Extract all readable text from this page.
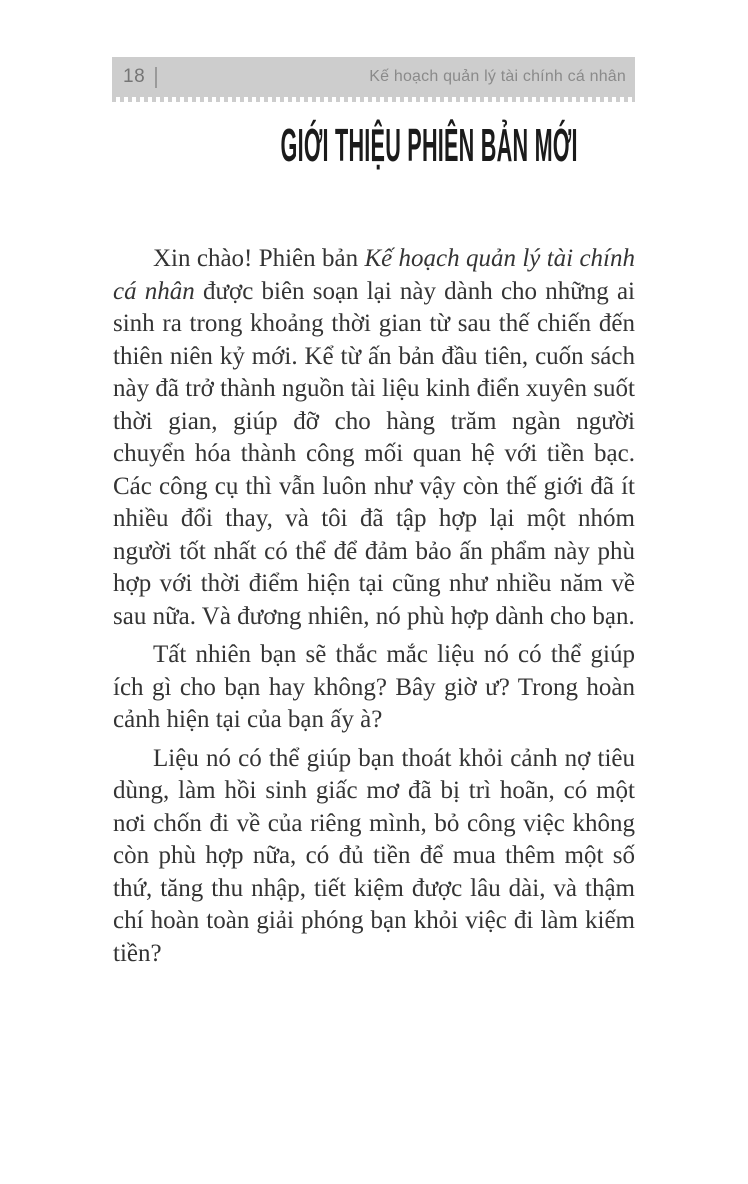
18	Kế hoạch quản lý tài chính cá nhân
GIỚI THIỆU PHIÊN BẢN MỚI

Xin chào! Phiên bản Kế hoạch quản lý tài chính cá nhân được biên soạn lại này dành cho những ai sinh ra trong khoảng thời gian từ sau thế chiến đến thiên niên kỷ mới. Kể từ ấn bản đầu tiên, cuốn sách này đã trở thành nguồn tài liệu kinh điển xuyên suốt thời gian, giúp đỡ cho hàng trăm ngàn người chuyển hóa thành công mối quan hệ với tiền bạc. Các công cụ thì vẫn luôn như vậy còn thế giới đã ít nhiều đổi thay, và tôi đã tập hợp lại một nhóm người tốt nhất có thể để đảm bảo ấn phẩm này phù hợp với thời điểm hiện tại cũng như nhiều năm về sau nữa. Và đương nhiên, nó phù hợp dành cho bạn.

Tất nhiên bạn sẽ thắc mắc liệu nó có thể giúp ích gì cho bạn hay không? Bây giờ ư? Trong hoàn cảnh hiện tại của bạn ấy à?

Liệu nó có thể giúp bạn thoát khỏi cảnh nợ tiêu dùng, làm hồi sinh giấc mơ đã bị trì hoãn, có một nơi chốn đi về của riêng mình, bỏ công việc không còn phù hợp nữa, có đủ tiền để mua thêm một số thứ, tăng thu nhập, tiết kiệm được lâu dài, và thậm chí hoàn toàn giải phóng bạn khỏi việc đi làm kiếm tiền?
